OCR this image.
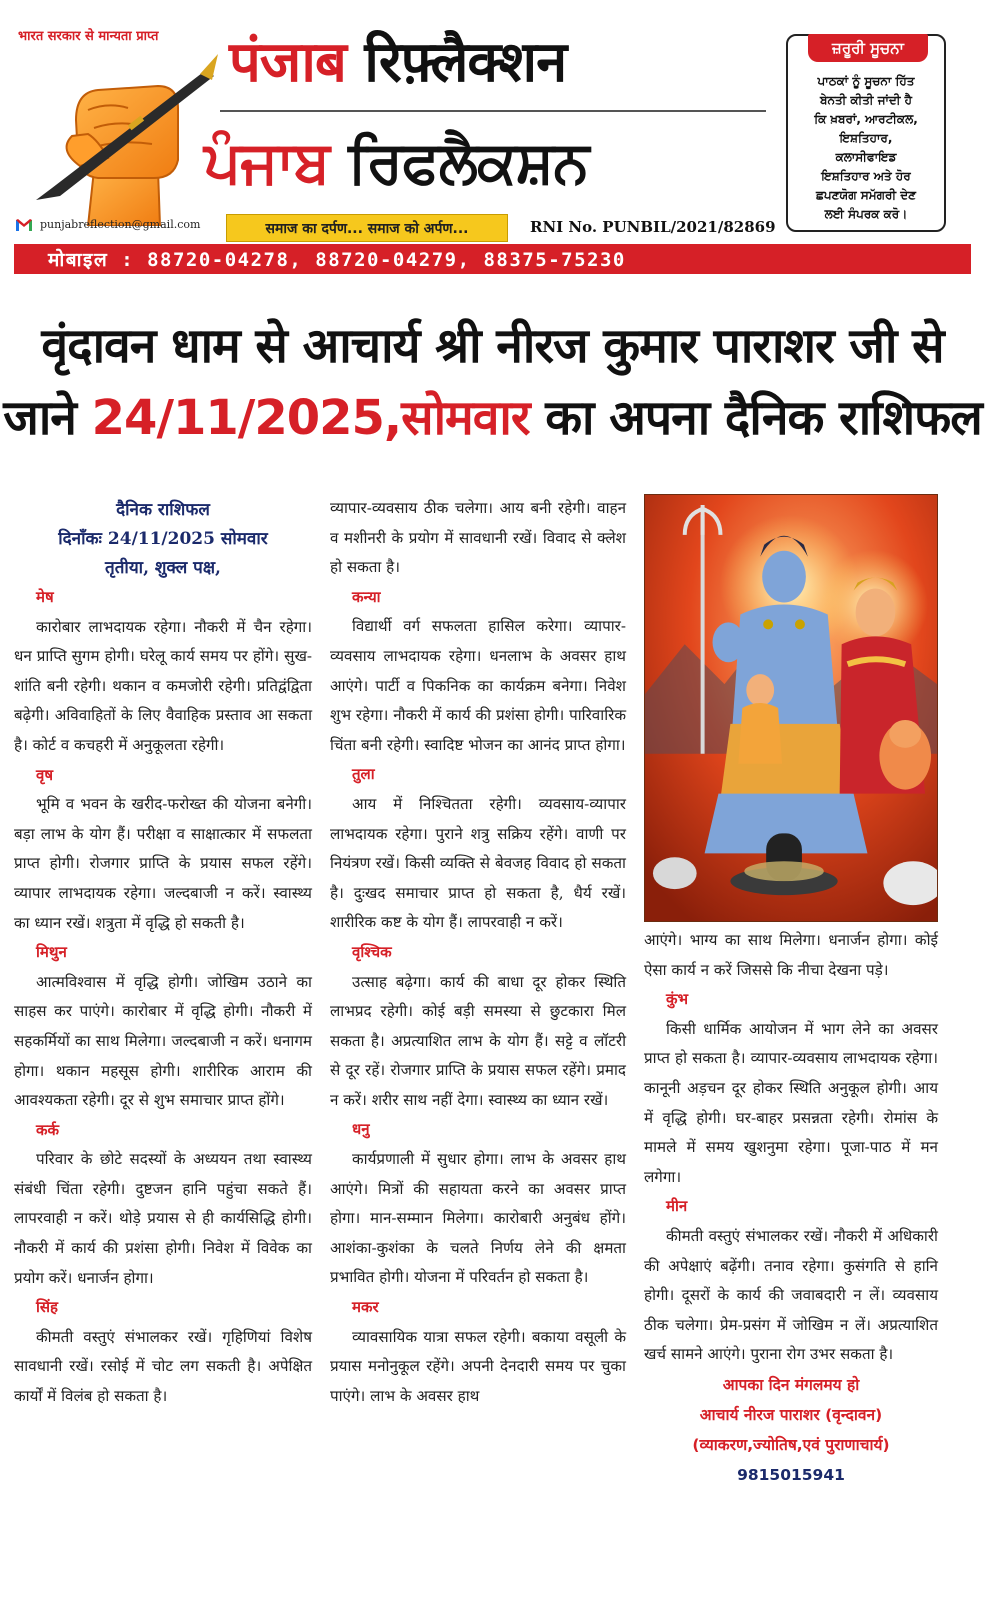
भारत सरकार से मान्यता प्राप्त पंजाब रिफ़्लैक्शन
ਪੰਜਾਬ ਰਿਫਲੈਕਸ਼ਨ
punjabreflection@gmail.com	समाज का दर्पण... समाज को अर्पण...	RNI No. PUNBIL/2021/82869
ਜ਼ਰੂਰੀ ਸੂਚਨਾ
ਪਾਠਕਾਂ ਨੂੰ ਸੂਚਨਾ ਹਿੱਤ
ਬੇਨਤੀ ਕੀਤੀ ਜਾਂਦੀ ਹੈ
ਕਿ ਖ਼ਬਰਾਂ, ਆਰਟੀਕਲ,
ਇਸ਼ਤਿਹਾਰ,
ਕਲਾਸੀਫਾਇਡ
ਇਸ਼ਤਿਹਾਰ ਅਤੇ ਹੋਰ
ਛਪਣਯੋਗ ਸਮੱਗਰੀ ਦੇਣ
ਲਈ ਸੰਪਰਕ ਕਰੋ।
मोबाइल : 88720-04278, 88720-04279, 88375-75230
वृंदावन धाम से आचार्य श्री नीरज कुमार पाराशर जी से
जाने 24/11/2025,सोमवार का अपना दैनिक राशिफल
दैनिक राशिफल
दिनाँकः 24/11/2025 सोमवार
तृतीया, शुक्ल पक्ष,
मेष

कारोबार लाभदायक रहेगा। नौकरी में चैन रहेगा। धन प्राप्ति सुगम होगी। घरेलू कार्य समय पर होंगे। सुख-शांति बनी रहेगी। थकान व कमजोरी रहेगी। प्रतिद्वंद्विता बढ़ेगी। अविवाहितों के लिए वैवाहिक प्रस्ताव आ सकता है। कोर्ट व कचहरी में अनुकूलता रहेगी।

वृष

भूमि व भवन के खरीद-फरोख्त की योजना बनेगी। बड़ा लाभ के योग हैं। परीक्षा व साक्षात्कार में सफलता प्राप्त होगी। रोजगार प्राप्ति के प्रयास सफल रहेंगे। व्यापार लाभदायक रहेगा। जल्दबाजी न करें। स्वास्थ्य का ध्यान रखें। शत्रुता में वृद्धि हो सकती है।

मिथुन

आत्मविश्वास में वृद्धि होगी। जोखिम उठाने का साहस कर पाएंगे। कारोबार में वृद्धि होगी। नौकरी में सहकर्मियों का साथ मिलेगा। जल्दबाजी न करें। धनागम होगा। थकान महसूस होगी। शारीरिक आराम की आवश्यकता रहेगी। दूर से शुभ समाचार प्राप्त होंगे।

कर्क

परिवार के छोटे सदस्यों के अध्ययन तथा स्वास्थ्य संबंधी चिंता रहेगी। दुष्टजन हानि पहुंचा सकते हैं। लापरवाही न करें। थोड़े प्रयास से ही कार्यसिद्धि होगी। नौकरी में कार्य की प्रशंसा होगी। निवेश में विवेक का प्रयोग करें। धनार्जन होगा।

सिंह

कीमती वस्तुएं संभालकर रखें। गृहिणियां विशेष सावधानी रखें। रसोई में चोट लग सकती है। अपेक्षित कार्यों में विलंब हो सकता है।

व्यापार-व्यवसाय ठीक चलेगा। आय बनी रहेगी। वाहन व मशीनरी के प्रयोग में सावधानी रखें। विवाद से क्लेश हो सकता है।

कन्या

विद्यार्थी वर्ग सफलता हासिल करेगा। व्यापार-व्यवसाय लाभदायक रहेगा। धनलाभ के अवसर हाथ आएंगे। पार्टी व पिकनिक का कार्यक्रम बनेगा। निवेश शुभ रहेगा। नौकरी में कार्य की प्रशंसा होगी। पारिवारिक चिंता बनी रहेगी। स्वादिष्ट भोजन का आनंद प्राप्त होगा।

तुला

आय में निश्चितता रहेगी। व्यवसाय-व्यापार लाभदायक रहेगा। पुराने शत्रु सक्रिय रहेंगे। वाणी पर नियंत्रण रखें। किसी व्यक्ति से बेवजह विवाद हो सकता है। दुःखद समाचार प्राप्त हो सकता है, धैर्य रखें। शारीरिक कष्ट के योग हैं। लापरवाही न करें।

वृश्चिक

उत्साह बढ़ेगा। कार्य की बाधा दूर होकर स्थिति लाभप्रद रहेगी। कोई बड़ी समस्या से छुटकारा मिल सकता है। अप्रत्याशित लाभ के योग हैं। सट्टे व लॉटरी से दूर रहें। रोजगार प्राप्ति के प्रयास सफल रहेंगे। प्रमाद न करें। शरीर साथ नहीं देगा। स्वास्थ्य का ध्यान रखें।

धनु

कार्यप्रणाली में सुधार होगा। लाभ के अवसर हाथ आएंगे। मित्रों की सहायता करने का अवसर प्राप्त होगा। मान-सम्मान मिलेगा। कारोबारी अनुबंध होंगे। आशंका-कुशंका के चलते निर्णय लेने की क्षमता प्रभावित होगी। योजना में परिवर्तन हो सकता है।

मकर

व्यावसायिक यात्रा सफल रहेगी। बकाया वसूली के प्रयास मनोनुकूल रहेंगे। अपनी देनदारी समय पर चुका पाएंगे। लाभ के अवसर हाथ

आएंगे। भाग्य का साथ मिलेगा। धनार्जन होगा। कोई ऐसा कार्य न करें जिससे कि नीचा देखना पड़े।

कुंभ

किसी धार्मिक आयोजन में भाग लेने का अवसर प्राप्त हो सकता है। व्यापार-व्यवसाय लाभदायक रहेगा। कानूनी अड़चन दूर होकर स्थिति अनुकूल होगी। आय में वृद्धि होगी। घर-बाहर प्रसन्नता रहेगी। रोमांस के मामले में समय खुशनुमा रहेगा। पूजा-पाठ में मन लगेगा।

मीन

कीमती वस्तुएं संभालकर रखें। नौकरी में अधिकारी की अपेक्षाएं बढ़ेंगी। तनाव रहेगा। कुसंगति से हानि होगी। दूसरों के कार्य की जवाबदारी न लें। व्यवसाय ठीक चलेगा। प्रेम-प्रसंग में जोखिम न लें। अप्रत्याशित खर्च सामने आएंगे। पुराना रोग उभर सकता है।

आपका दिन मंगलमय हो
आचार्य नीरज पाराशर (वृन्दावन)
(व्याकरण,ज्योतिष,एवं पुराणाचार्य)
9815015941
